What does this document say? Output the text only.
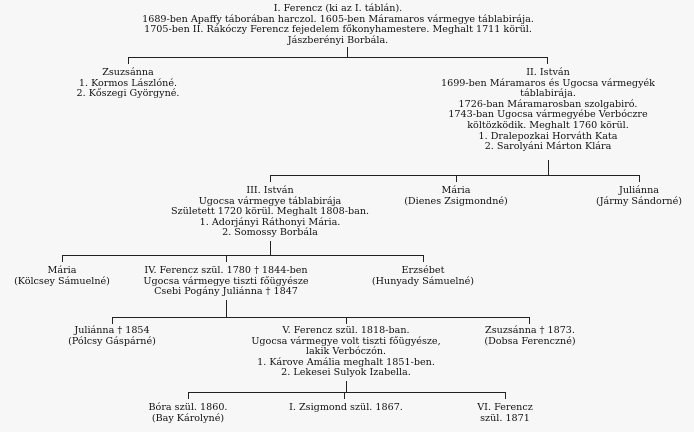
I. Ferencz (ki az I. táblán).
1689-ben Apaffy táborában harczol. 1605-ben Máramaros vármegye táblabirája.
1705-ben II. Rákóczy Ferencz fejedelem főkonyhamestere. Meghalt 1711 körül.
Jászberényi Borbála.
Zsuzsánna
1. Kormos Lászlóné.
2. Kőszegi Györgyné.
II. István
1699-ben Máramaros és Ugocsa vármegyék
táblabirája.
1726-ban Máramarosban szolgabiró.
1743-ban Ugocsa vármegyébe Verbóczre
költözködik. Meghalt 1760 körül.
1. Dralepozkai Horváth Kata
2. Sarolyáni Márton Klára
III. István
Ugocsa vármegye táblabirája
Született 1720 körül. Meghalt 1808-ban.
1. Adorjányi Ráthonyi Mária.
2. Somossy Borbála
Mária
(Dienes Zsigmondné)
Juliánna
(Jármy Sándorné)
Mária
(Kölcsey Sámuelné)
IV. Ferencz szül. 1780 † 1844-ben
Ugocsa vármegye tiszti főügyésze
Csebi Pogány Juliánna † 1847
Erzsébet
(Hunyady Sámuelné)
Juliánna † 1854
(Pólcsy Gáspárné)
V. Ferencz szül. 1818-ban.
Ugocsa vármegye volt tiszti főügyésze,
lakik Verbóczón.
1. Károve Amália meghalt 1851-ben.
2. Lekesei Sulyok Izabella.
Zsuzsánna † 1873.
(Dobsa Ferenczné)
Bóra szül. 1860.
(Bay Károlyné)
I. Zsigmond szül. 1867.	VI. Ferencz
szül. 1871
